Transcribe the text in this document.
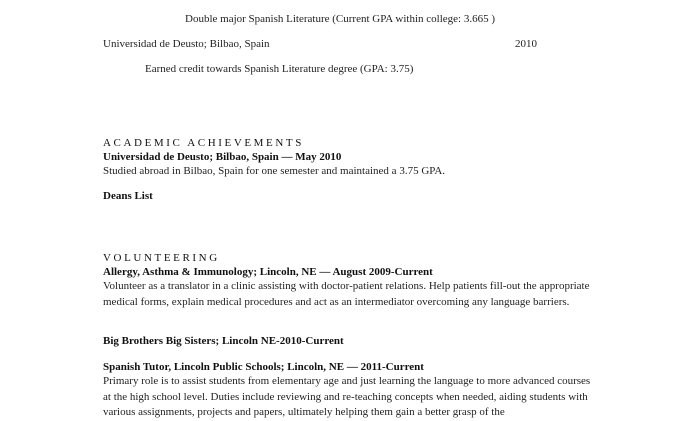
Double major Spanish Literature (Current GPA within college: 3.665 )
Universidad de Deusto; Bilbao, Spain	2010
Earned credit towards Spanish Literature degree (GPA: 3.75)
ACADEMIC ACHIEVEMENTS
Universidad de Deusto; Bilbao, Spain — May 2010
Studied abroad in Bilbao, Spain for one semester and maintained a 3.75 GPA.
Deans List
VOLUNTEERING
Allergy, Asthma & Immunology; Lincoln, NE — August 2009-Current
Volunteer as a translator in a clinic assisting with doctor-patient relations. Help patients fill-out the appropriate medical forms, explain medical procedures and act as an intermediator overcoming any language barriers.
Big Brothers Big Sisters; Lincoln NE-2010-Current
Spanish Tutor, Lincoln Public Schools; Lincoln, NE — 2011-Current
Primary role is to assist students from elementary age and just learning the language to more advanced courses at the high school level. Duties include reviewing and re-teaching concepts when needed, aiding students with various assignments, projects and papers, ultimately helping them gain a better grasp of the
